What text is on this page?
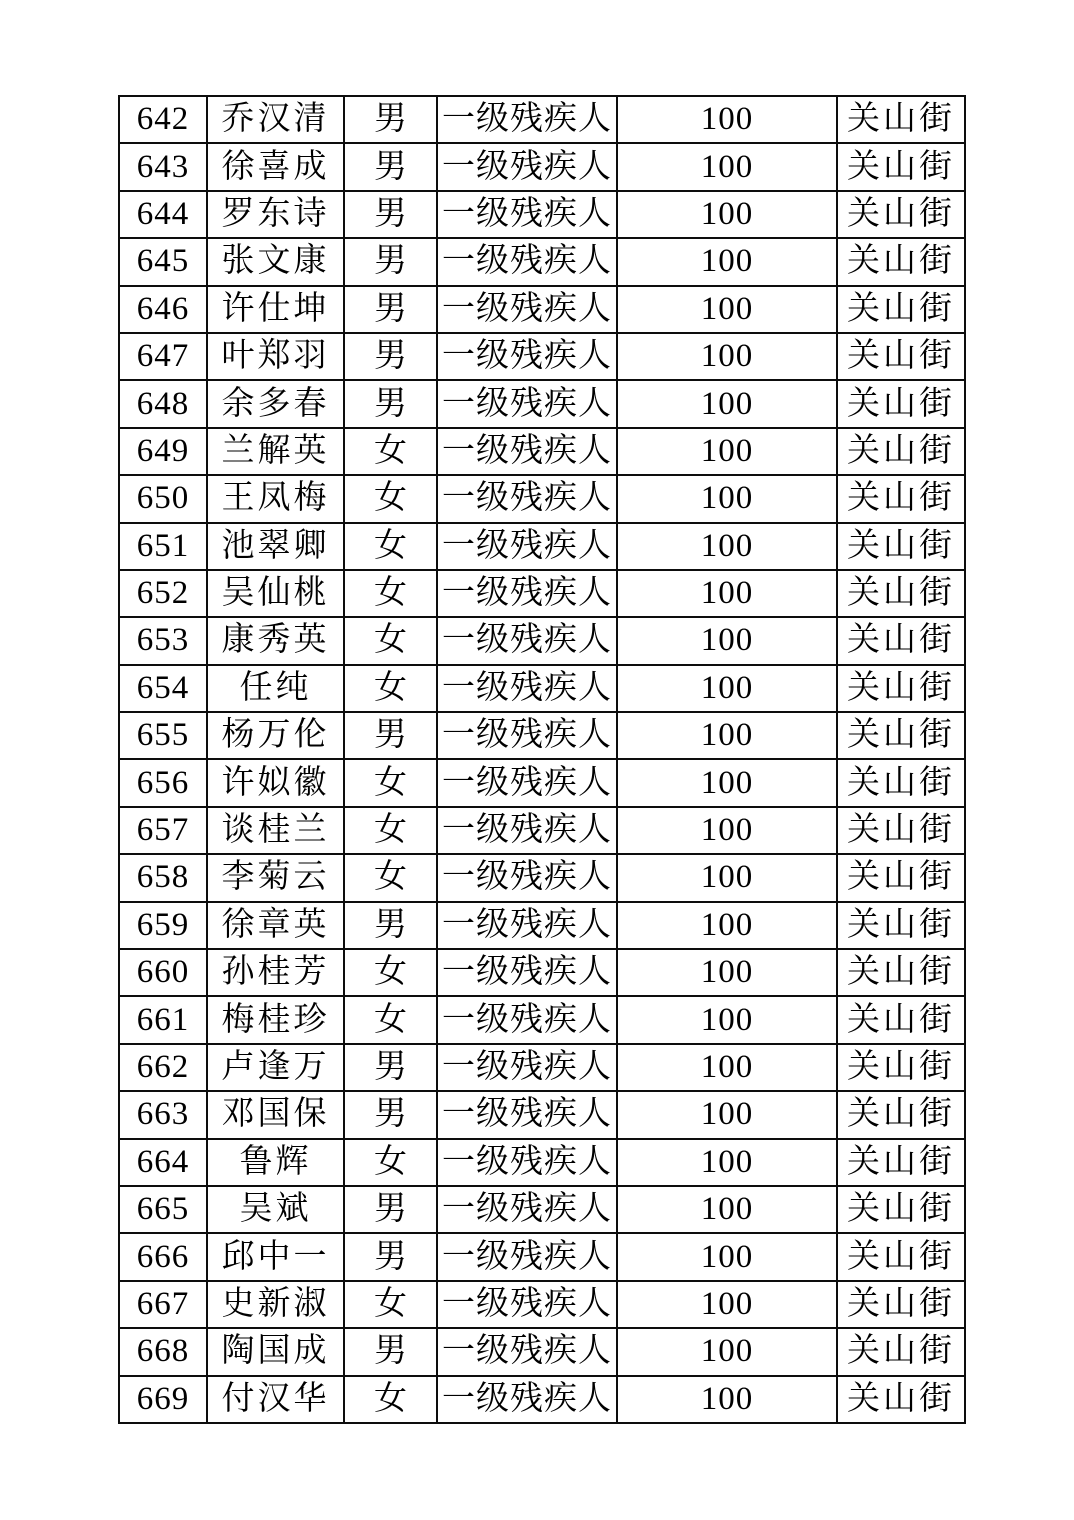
642	乔汉清	男	一级残疾人	100	关山街
643	徐喜成	男	一级残疾人	100	关山街
644	罗东诗	男	一级残疾人	100	关山街
645	张文康	男	一级残疾人	100	关山街
646	许仕坤	男	一级残疾人	100	关山街
647	叶郑羽	男	一级残疾人	100	关山街
648	余多春	男	一级残疾人	100	关山街
649	兰解英	女	一级残疾人	100	关山街
650	王凤梅	女	一级残疾人	100	关山街
651	池翠卿	女	一级残疾人	100	关山街
652	吴仙桃	女	一级残疾人	100	关山街
653	康秀英	女	一级残疾人	100	关山街
654	任纯	女	一级残疾人	100	关山街
655	杨万伦	男	一级残疾人	100	关山街
656	许姒徽	女	一级残疾人	100	关山街
657	谈桂兰	女	一级残疾人	100	关山街
658	李菊云	女	一级残疾人	100	关山街
659	徐章英	男	一级残疾人	100	关山街
660	孙桂芳	女	一级残疾人	100	关山街
661	梅桂珍	女	一级残疾人	100	关山街
662	卢逢万	男	一级残疾人	100	关山街
663	邓国保	男	一级残疾人	100	关山街
664	鲁辉	女	一级残疾人	100	关山街
665	吴斌	男	一级残疾人	100	关山街
666	邱中一	男	一级残疾人	100	关山街
667	史新淑	女	一级残疾人	100	关山街
668	陶国成	男	一级残疾人	100	关山街
669	付汉华	女	一级残疾人	100	关山街
